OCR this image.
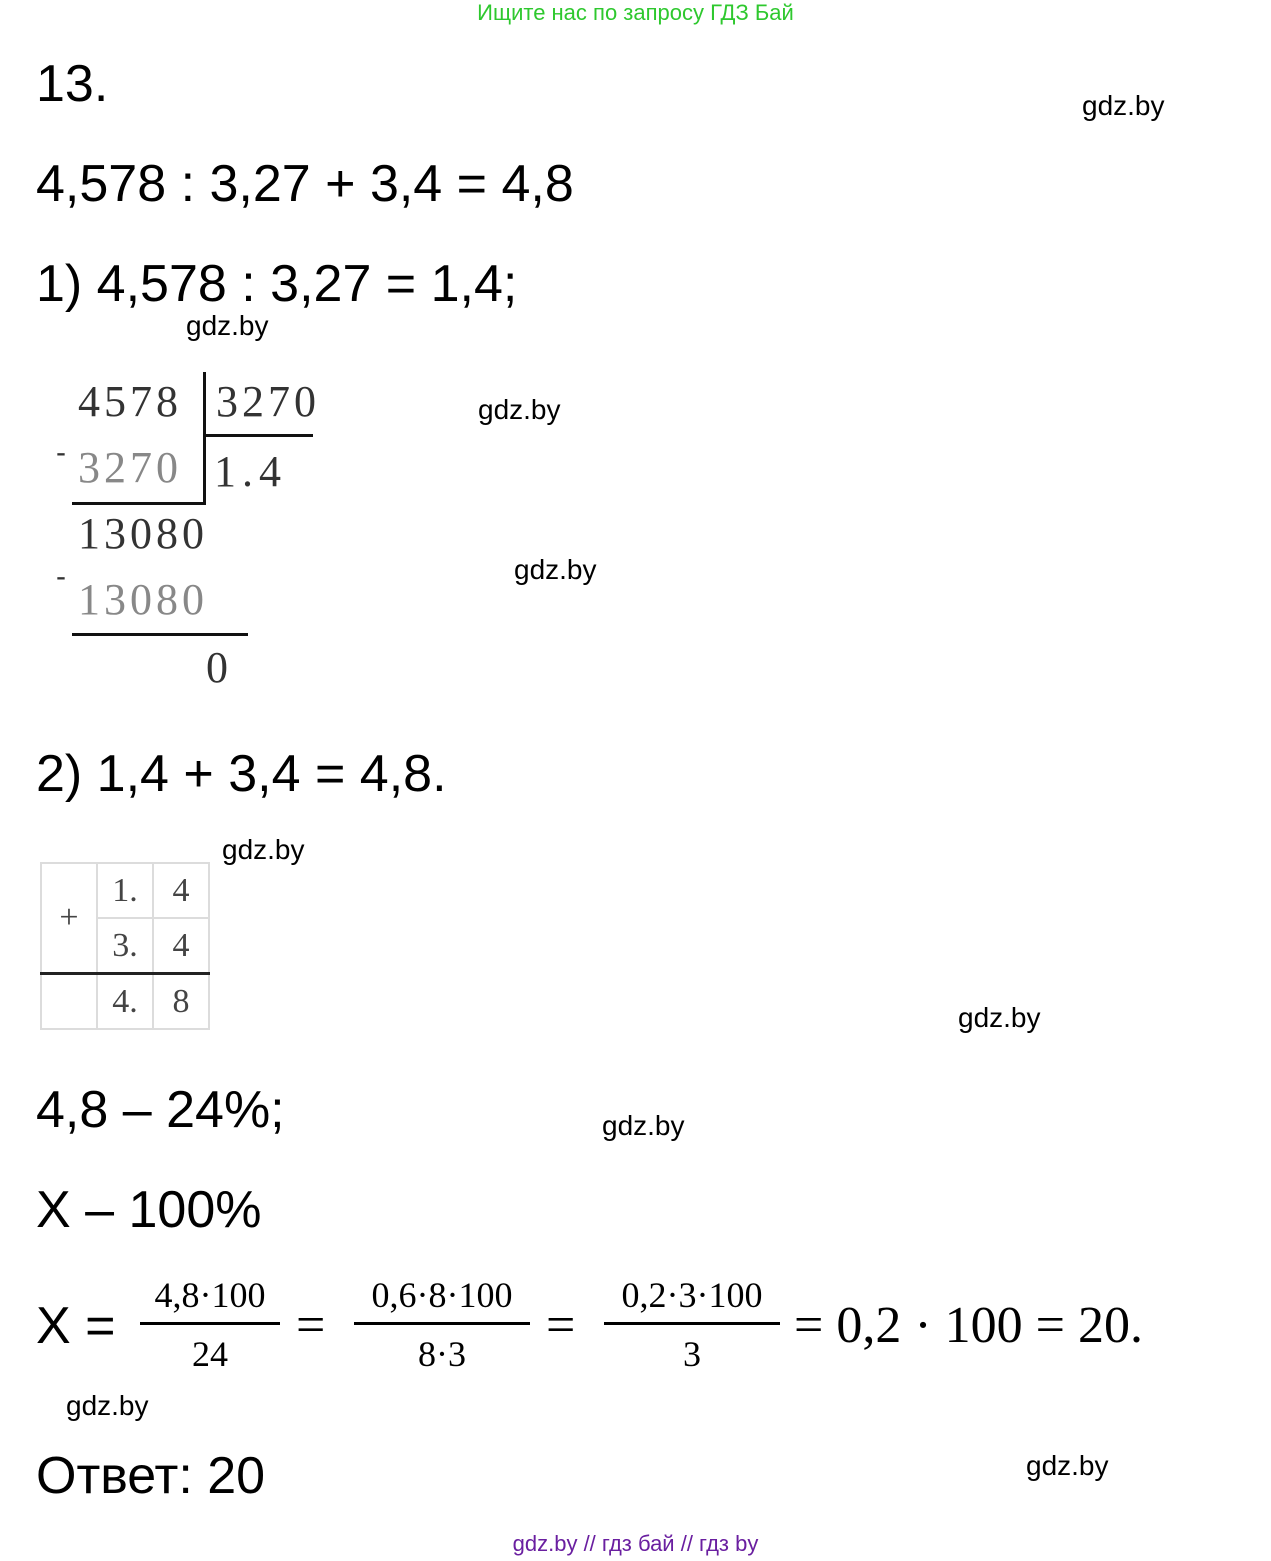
Ищите нас по запросу ГДЗ Бай
13.	gdz.by
4,578 : 3,27 + 3,4 = 4,8
1) 4,578 : 3,27 = 1,4;
gdz.by
4578 3270
- 3270 1.4
13080
- 13080
0
gdz.by
gdz.by
2) 1,4 + 3,4 = 4,8.
gdz.by
+	1.	4
	3.	4
	4.	8	gdz.by
4,8 – 24%;	gdz.by
X – 100%
X =
4,8·100
24	=
0,6·8·100
8·3	=
0,2·3·100
3	= 0,2 · 100 = 20.
gdz.by
Ответ: 20	gdz.by
gdz.by // гдз бай // гдз by
